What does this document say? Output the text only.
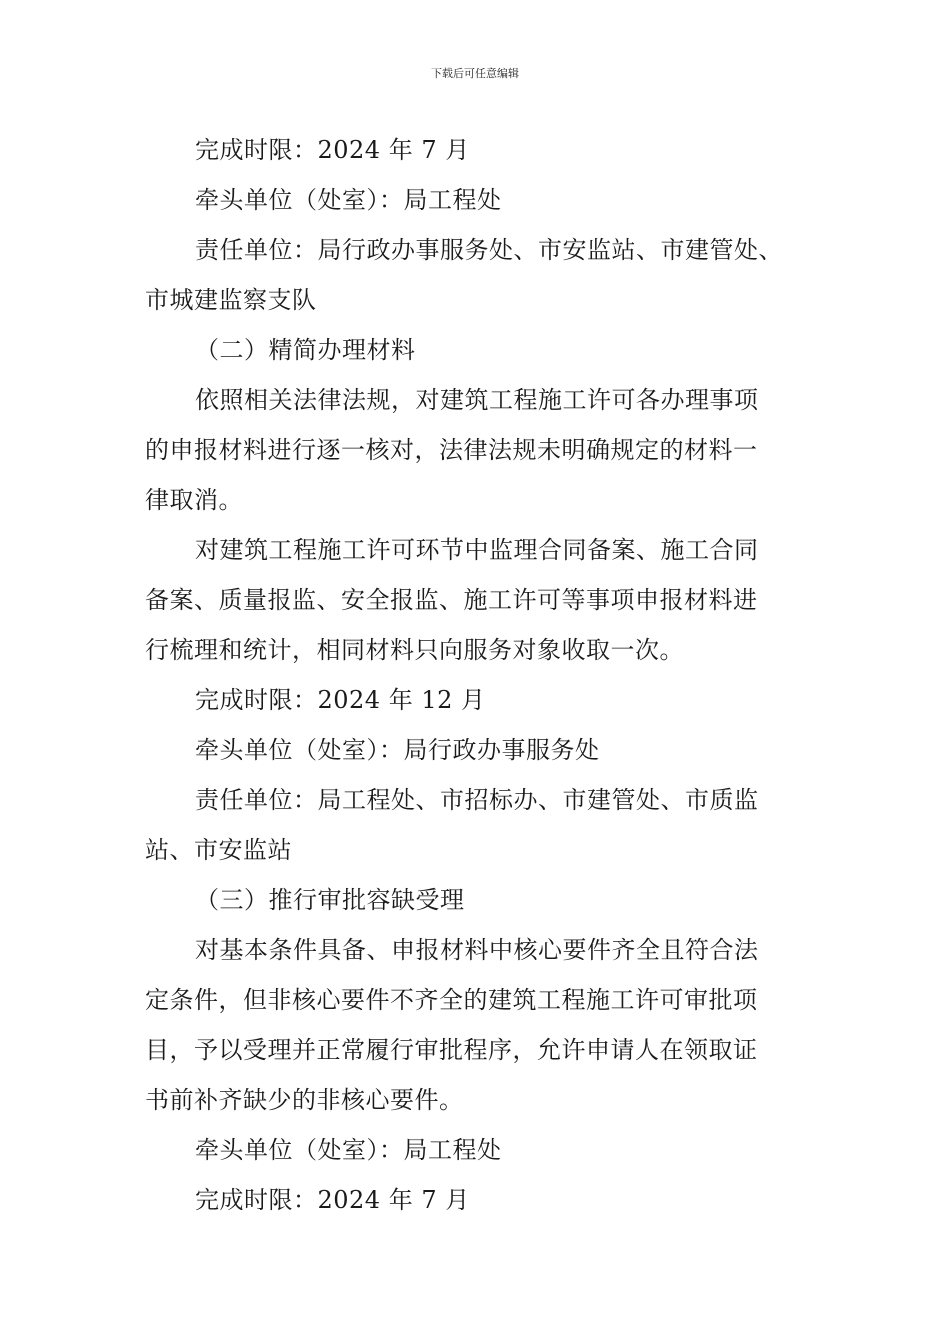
下载后可任意编辑
完成时限：2024 年 7 月
牵头单位（处室）：局工程处
责任单位：局行政办事服务处、市安监站、市建管处、
市城建监察支队
（二）精简办理材料
依照相关法律法规，对建筑工程施工许可各办理事项
的申报材料进行逐一核对，法律法规未明确规定的材料一
律取消。
对建筑工程施工许可环节中监理合同备案、施工合同
备案、质量报监、安全报监、施工许可等事项申报材料进
行梳理和统计，相同材料只向服务对象收取一次。
完成时限：2024 年 12 月
牵头单位（处室）：局行政办事服务处
责任单位：局工程处、市招标办、市建管处、市质监
站、市安监站
（三）推行审批容缺受理
对基本条件具备、申报材料中核心要件齐全且符合法
定条件，但非核心要件不齐全的建筑工程施工许可审批项
目，予以受理并正常履行审批程序，允许申请人在领取证
书前补齐缺少的非核心要件。
牵头单位（处室）：局工程处
完成时限：2024 年 7 月
